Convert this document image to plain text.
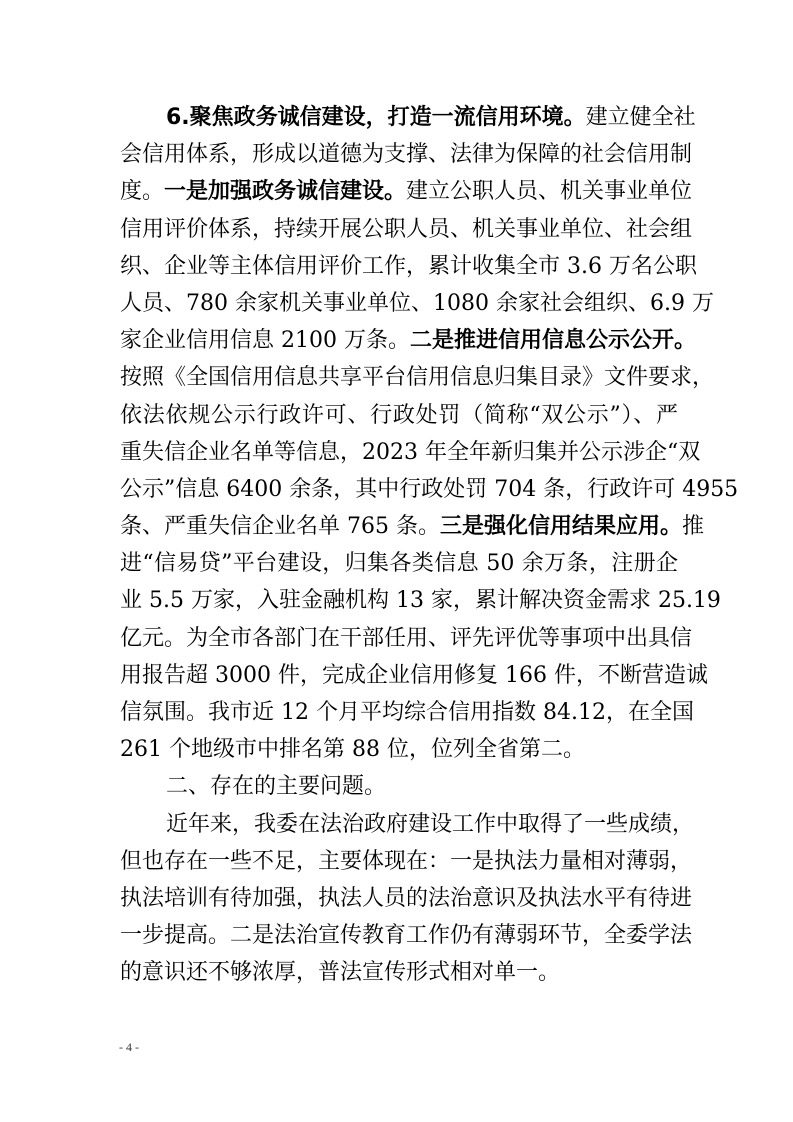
6.聚焦政务诚信建设，打造一流信用环境。建立健全社
会信用体系，形成以道德为支撑、法律为保障的社会信用制
度。一是加强政务诚信建设。建立公职人员、机关事业单位
信用评价体系，持续开展公职人员、机关事业单位、社会组
织、企业等主体信用评价工作，累计收集全市 3.6 万名公职
人员、780 余家机关事业单位、1080 余家社会组织、6.9 万
家企业信用信息 2100 万条。二是推进信用信息公示公开。
按照《全国信用信息共享平台信用信息归集目录》文件要求，
依法依规公示行政许可、行政处罚（简称“双公示”）、严
重失信企业名单等信息，2023 年全年新归集并公示涉企“双
公示”信息 6400 余条，其中行政处罚 704 条，行政许可 4955
条、严重失信企业名单 765 条。三是强化信用结果应用。推
进“信易贷”平台建设，归集各类信息 50 余万条，注册企
业 5.5 万家，入驻金融机构 13 家，累计解决资金需求 25.19
亿元。为全市各部门在干部任用、评先评优等事项中出具信
用报告超 3000 件，完成企业信用修复 166 件，不断营造诚
信氛围。我市近 12 个月平均综合信用指数 84.12，在全国
261 个地级市中排名第 88 位，位列全省第二。
二、存在的主要问题。
近年来，我委在法治政府建设工作中取得了一些成绩，
但也存在一些不足，主要体现在：一是执法力量相对薄弱，
执法培训有待加强，执法人员的法治意识及执法水平有待进
一步提高。二是法治宣传教育工作仍有薄弱环节，全委学法
的意识还不够浓厚，普法宣传形式相对单一。
- 4 -
